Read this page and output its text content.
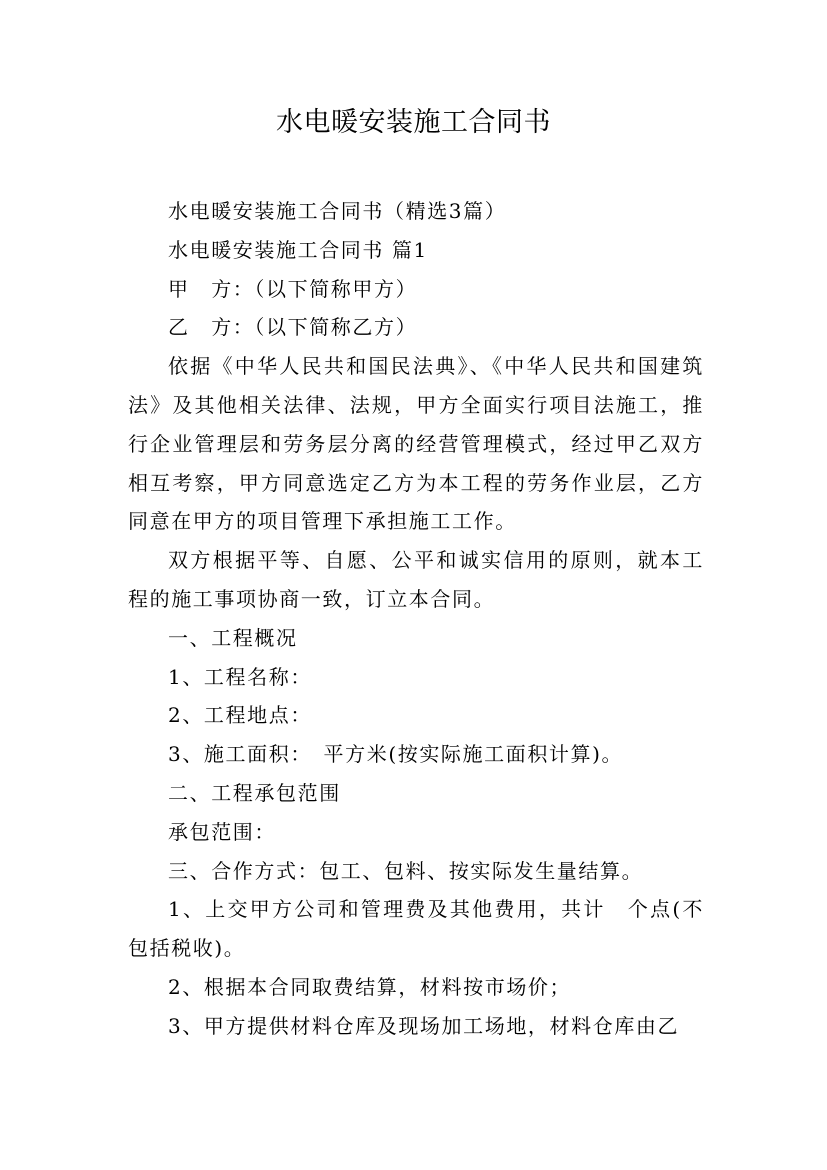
水电暖安装施工合同书

水电暖安装施工合同书（精选3篇）

水电暖安装施工合同书 篇1

甲　方：（以下简称甲方）

乙　方：（以下简称乙方）

依据《中华人民共和国民法典》、《中华人民共和国建筑法》及其他相关法律、法规，甲方全面实行项目法施工，推行企业管理层和劳务层分离的经营管理模式，经过甲乙双方相互考察，甲方同意选定乙方为本工程的劳务作业层，乙方同意在甲方的项目管理下承担施工工作。

双方根据平等、自愿、公平和诚实信用的原则，就本工程的施工事项协商一致，订立本合同。

一、工程概况

1、工程名称：

2、工程地点：

3、施工面积：　平方米(按实际施工面积计算)。

二、工程承包范围

承包范围：

三、合作方式：包工、包料、按实际发生量结算。

1、上交甲方公司和管理费及其他费用，共计　个点(不包括税收)。

2、根据本合同取费结算，材料按市场价；

3、甲方提供材料仓库及现场加工场地，材料仓库由乙
